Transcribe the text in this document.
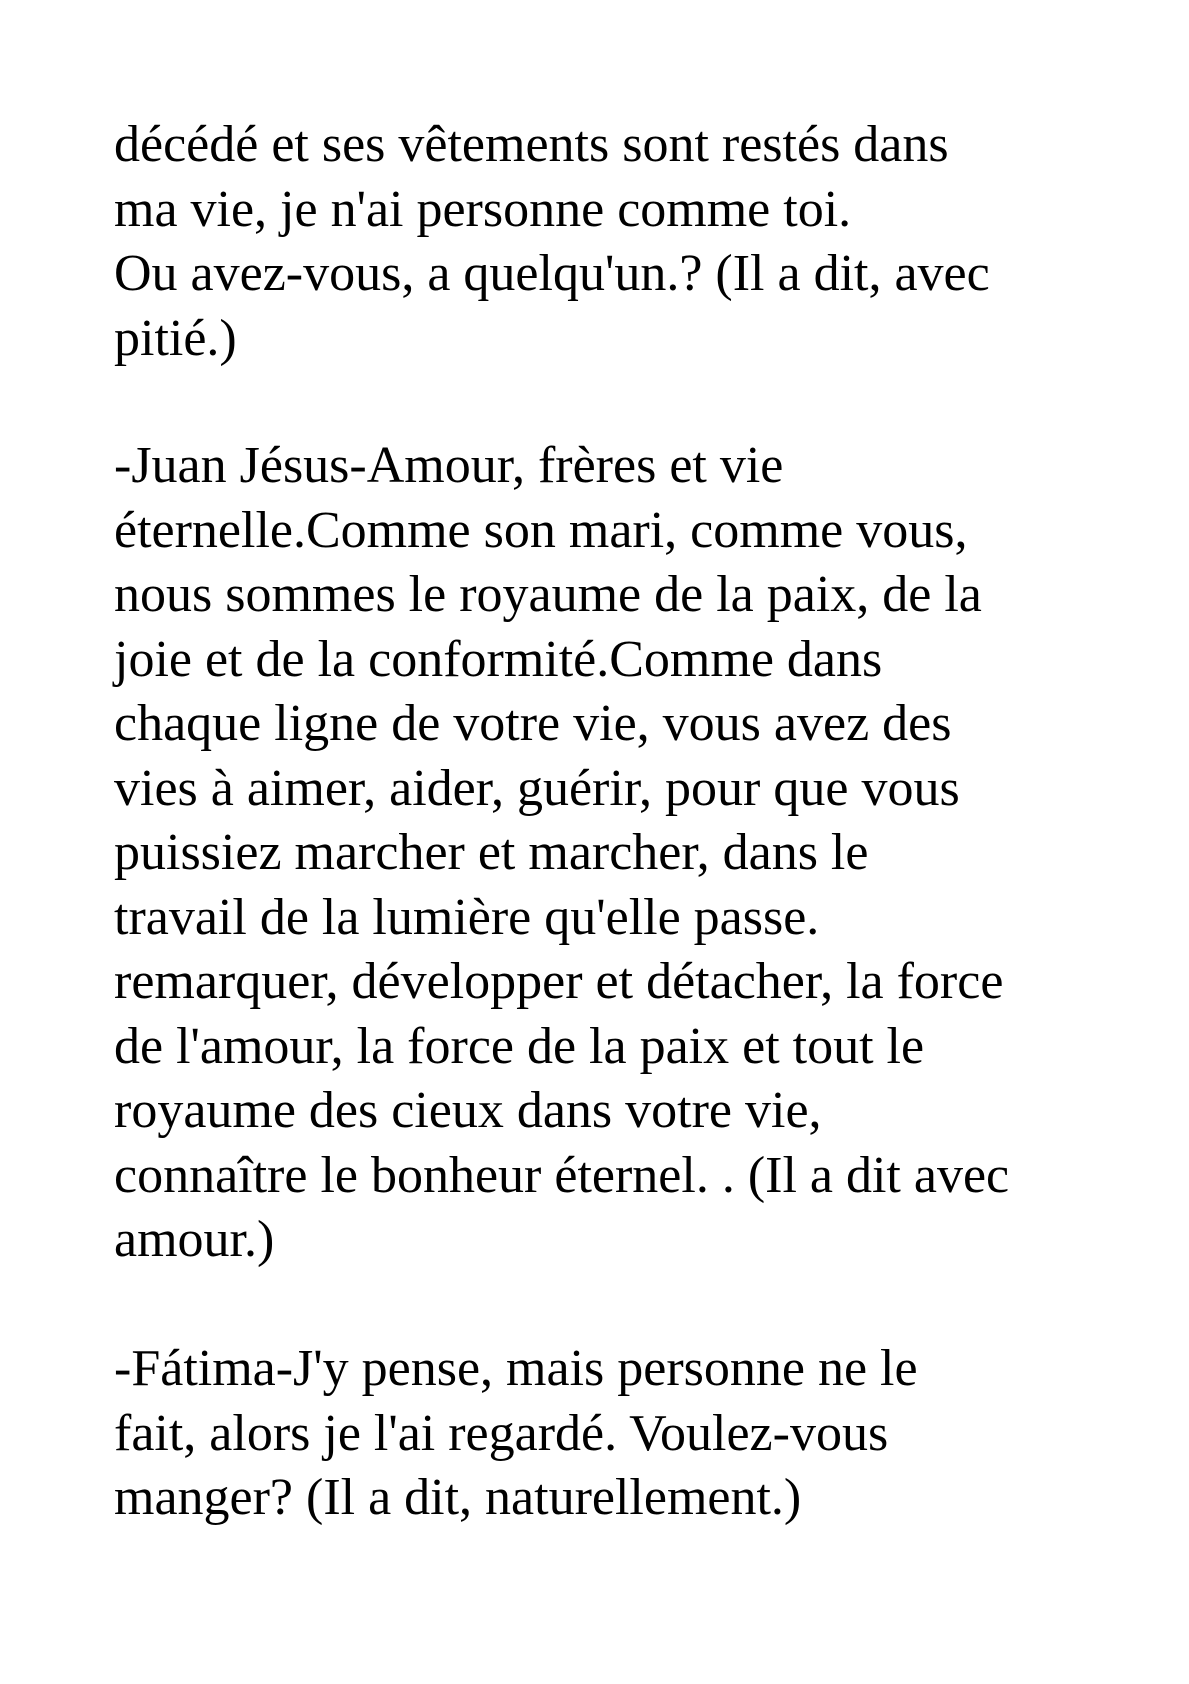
décédé et ses vêtements sont restés dans
ma vie, je n'ai personne comme toi.
Ou avez-vous, a quelqu'un.? (Il a dit, avec
pitié.)
-Juan Jésus-Amour, frères et vie
éternelle.Comme son mari, comme vous,
nous sommes le royaume de la paix, de la
joie et de la conformité.Comme dans
chaque ligne de votre vie, vous avez des
vies à aimer, aider, guérir, pour que vous
puissiez marcher et marcher, dans le
travail de la lumière qu'elle passe.
remarquer, développer et détacher, la force
de l'amour, la force de la paix et tout le
royaume des cieux dans votre vie,
connaître le bonheur éternel. . (Il a dit avec
amour.)
-Fátima-J'y pense, mais personne ne le
fait, alors je l'ai regardé. Voulez-vous
manger? (Il a dit, naturellement.)
